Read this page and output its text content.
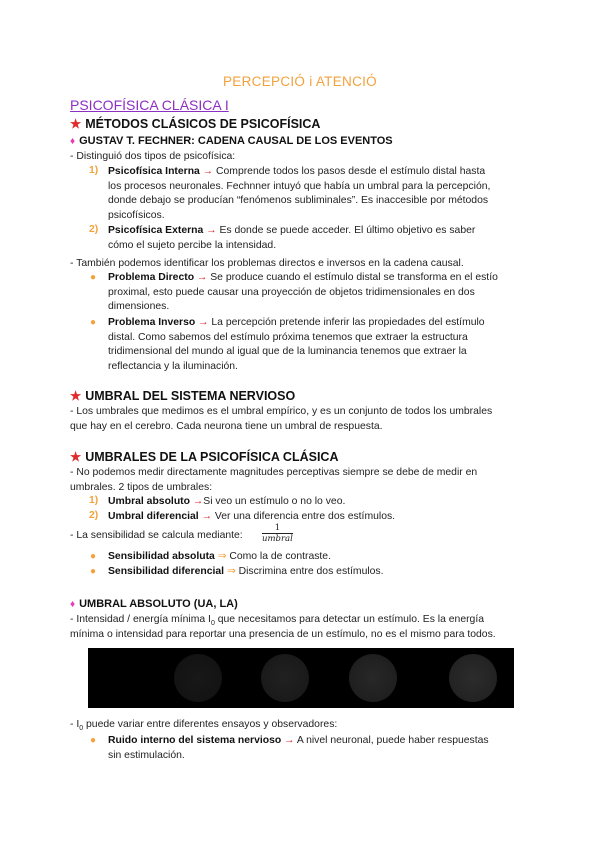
PERCEPCIÓ i ATENCIÓ
PSICOFÍSICA CLÁSICA I
★ MÉTODOS CLÁSICOS DE PSICOFÍSICA
♦ GUSTAV T. FECHNER: CADENA CAUSAL DE LOS EVENTOS
- Distinguió dos tipos de psicofísica:
1) Psicofísica Interna → Comprende todos los pasos desde el estímulo distal hasta
los procesos neuronales. Fechnner intuyó que había un umbral para la percepción,
donde debajo se producían “fenómenos subliminales”. Es inaccesible por métodos
psicofísicos.
2) Psicofísica Externa → Es donde se puede acceder. El último objetivo es saber
cómo el sujeto percibe la intensidad.
- También podemos identificar los problemas directos e inversos en la cadena causal.
● Problema Directo → Se produce cuando el estímulo distal se transforma en el estío
proximal, esto puede causar una proyección de objetos tridimensionales en dos
dimensiones.
● Problema Inverso → La percepción pretende inferir las propiedades del estímulo
distal. Como sabemos del estímulo próxima tenemos que extraer la estructura
tridimensional del mundo al igual que de la luminancia tenemos que extraer la
reflectancia y la iluminación.
★ UMBRAL DEL SISTEMA NERVIOSO
- Los umbrales que medimos es el umbral empírico, y es un conjunto de todos los umbrales
que hay en el cerebro. Cada neurona tiene un umbral de respuesta.
★ UMBRALES DE LA PSICOFÍSICA CLÁSICA
- No podemos medir directamente magnitudes perceptivas siempre se debe de medir en
umbrales. 2 tipos de umbrales:
1) Umbral absoluto →Si veo un estímulo o no lo veo.
2) Umbral diferencial → Ver una diferencia entre dos estímulos.
- La sensibilidad se calcula mediante:
1
umbral
● Sensibilidad absoluta ⇒ Como la de contraste.
● Sensibilidad diferencial ⇒ Discrimina entre dos estímulos.
♦ UMBRAL ABSOLUTO (UA, LA)
- Intensidad / energía mínima $I_0$ que necesitamos para detectar un estímulo. Es la energía
mínima o intensidad para reportar una presencia de un estímulo, no es el mismo para todos.
- $I_0$ puede variar entre diferentes ensayos y observadores:
● Ruido interno del sistema nervioso → A nivel neuronal, puede haber respuestas
sin estimulación.
